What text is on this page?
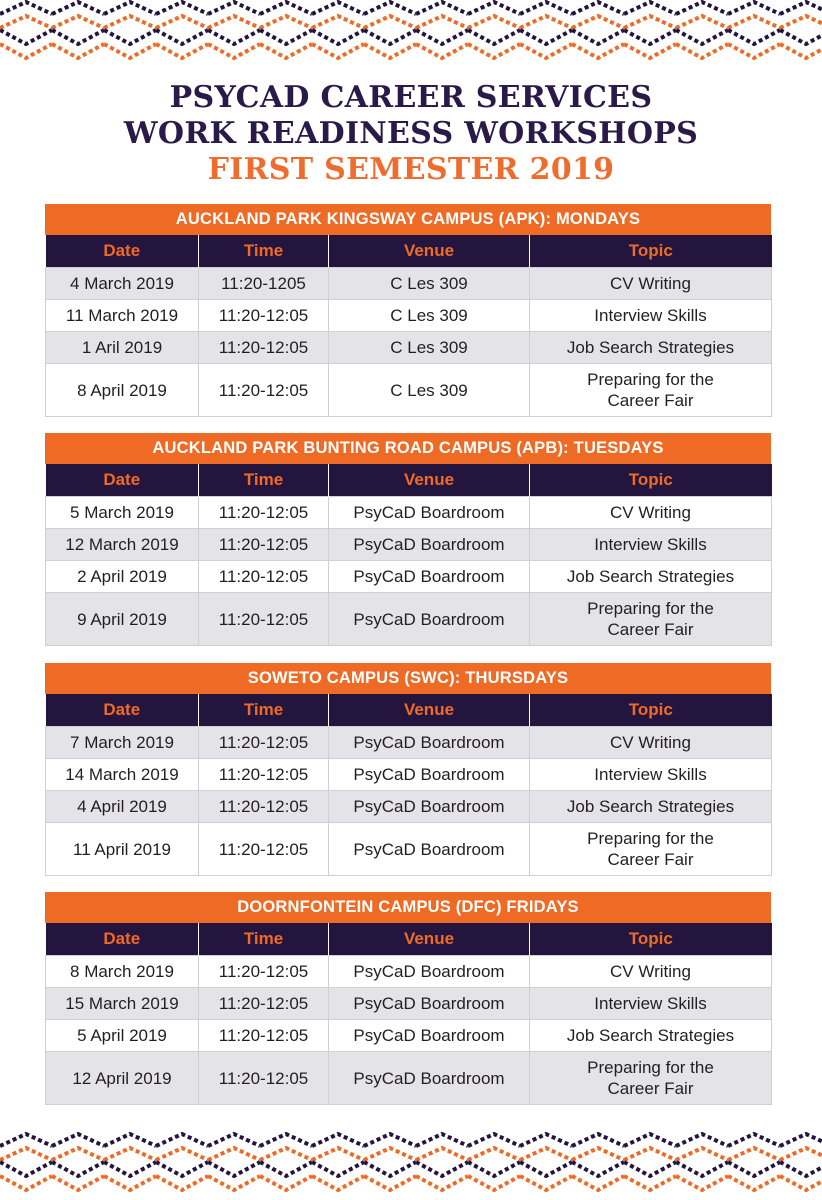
PSYCAD CAREER SERVICES
WORK READINESS WORKSHOPS
FIRST SEMESTER 2019
AUCKLAND PARK KINGSWAY CAMPUS (APK): MONDAYS
Date	Time	Venue	Topic
4 March 2019	11:20-1205	C Les 309	CV Writing
11 March 2019	11:20-12:05	C Les 309	Interview Skills
1 Aril 2019	11:20-12:05	C Les 309	Job Search Strategies
8 April 2019	11:20-12:05	C Les 309	Preparing for the
Career Fair
AUCKLAND PARK BUNTING ROAD CAMPUS (APB): TUESDAYS
Date	Time	Venue	Topic
5 March 2019	11:20-12:05	PsyCaD Boardroom	CV Writing
12 March 2019	11:20-12:05	PsyCaD Boardroom	Interview Skills
2 April 2019	11:20-12:05	PsyCaD Boardroom	Job Search Strategies
9 April 2019	11:20-12:05	PsyCaD Boardroom	Preparing for the
Career Fair
SOWETO CAMPUS (SWC): THURSDAYS
Date	Time	Venue	Topic
7 March 2019	11:20-12:05	PsyCaD Boardroom	CV Writing
14 March 2019	11:20-12:05	PsyCaD Boardroom	Interview Skills
4 April 2019	11:20-12:05	PsyCaD Boardroom	Job Search Strategies
11 April 2019	11:20-12:05	PsyCaD Boardroom	Preparing for the
Career Fair
DOORNFONTEIN CAMPUS (DFC) FRIDAYS
Date	Time	Venue	Topic
8 March 2019	11:20-12:05	PsyCaD Boardroom	CV Writing
15 March 2019	11:20-12:05	PsyCaD Boardroom	Interview Skills
5 April 2019	11:20-12:05	PsyCaD Boardroom	Job Search Strategies
12 April 2019	11:20-12:05	PsyCaD Boardroom	Preparing for the
Career Fair
